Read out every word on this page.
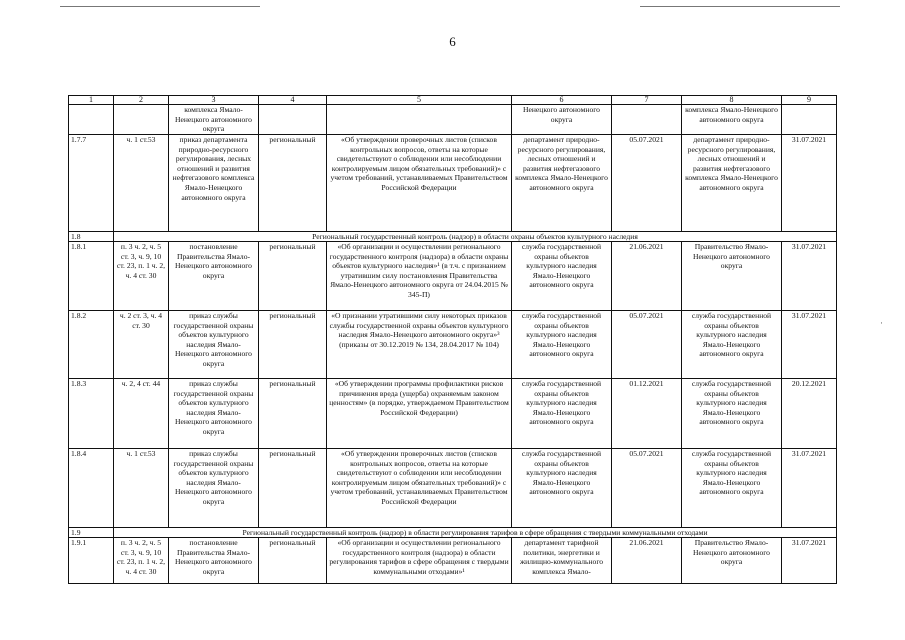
6
·
1	2	3	4	5	6	7	8	9
		комплекса Ямало-Ненецкого автономного округа			Ненецкого автономного округа		комплекса Ямало-Ненецкого автономного округа	
1.7.7	ч. 1 ст.53	приказ департамента природно-ресурсного регулирования, лесных отношений и развития нефтегазового комплекса Ямало-Ненецкого автономного округа	региональный	«Об утверждении проверочных листов (списков контрольных вопросов, ответы на которые свидетельствуют о соблюдении или несоблюдении контролируемым лицом обязательных требований)» с учетом требований, устанавливаемых Правительством Российской Федерации	департамент природно-ресурсного регулирования, лесных отношений и развития нефтегазового комплекса Ямало-Ненецкого автономного округа	05.07.2021	департамент природно-ресурсного регулирования, лесных отношений и развития нефтегазового комплекса Ямало-Ненецкого автономного округа	31.07.2021
1.8	Региональный государственный контроль (надзор) в области охраны объектов культурного наследия							
1.8.1	п. 3 ч. 2, ч. 5 ст. 3, ч. 9, 10 ст. 23, п. 1 ч. 2, ч. 4 ст. 30	постановление Правительства Ямало-Ненецкого автономного округа	региональный	«Об организации и осуществлении регионального государственного контроля (надзора) в области охраны объектов культурного наследия»¹ (в т.ч. с признанием утратившим силу постановления Правительства Ямало-Ненецкого автономного округа от 24.04.2015 № 345-П)	служба государственной охраны объектов культурного наследия Ямало-Ненецкого автономного округа	21.06.2021	Правительство Ямало-Ненецкого автономного округа	31.07.2021
1.8.2	ч. 2 ст. 3, ч. 4 ст. 30	приказ службы государственной охраны объектов культурного наследия Ямало-Ненецкого автономного округа	региональный	«О признании утратившими силу некоторых приказов службы государственной охраны объектов культурного наследия Ямало-Ненецкого автономного округа»³ (приказы от 30.12.2019 № 134, 28.04.2017 № 104)	служба государственной охраны объектов культурного наследия Ямало-Ненецкого автономного округа	05.07.2021	служба государственной охраны объектов культурного наследия Ямало-Ненецкого автономного округа	31.07.2021
1.8.3	ч. 2, 4 ст. 44	приказ службы государственной охраны объектов культурного наследия Ямало-Ненецкого автономного округа	региональный	«Об утверждении программы профилактики рисков причинения вреда (ущерба) охраняемым законом ценностям» (в порядке, утверждаемом Правительством Российской Федерации)	служба государственной охраны объектов культурного наследия Ямало-Ненецкого автономного округа	01.12.2021	служба государственной охраны объектов культурного наследия Ямало-Ненецкого автономного округа	20.12.2021
1.8.4	ч. 1 ст.53	приказ службы государственной охраны объектов культурного наследия Ямало-Ненецкого автономного округа	региональный	«Об утверждении проверочных листов (списков контрольных вопросов, ответы на которые свидетельствуют о соблюдении или несоблюдении контролируемым лицом обязательных требований)» с учетом требований, устанавливаемых Правительством Российской Федерации	служба государственной охраны объектов культурного наследия Ямало-Ненецкого автономного округа	05.07.2021	служба государственной охраны объектов культурного наследия Ямало-Ненецкого автономного округа	31.07.2021
1.9	Региональный государственный контроль (надзор) в области регулирования тарифов в сфере обращения с твердыми коммунальными отходами							
1.9.1	п. 3 ч. 2, ч. 5 ст. 3, ч. 9, 10 ст. 23, п. 1 ч. 2, ч. 4 ст. 30	постановление Правительства Ямало-Ненецкого автономного округа	региональный	«Об организации и осуществлении регионального государственного контроля (надзора) в области регулирования тарифов в сфере обращения с твердыми коммунальными отходами»¹	департамент тарифной политики, энергетики и жилищно-коммунального комплекса Ямало-	21.06.2021	Правительство Ямало-Ненецкого автономного округа	31.07.2021
